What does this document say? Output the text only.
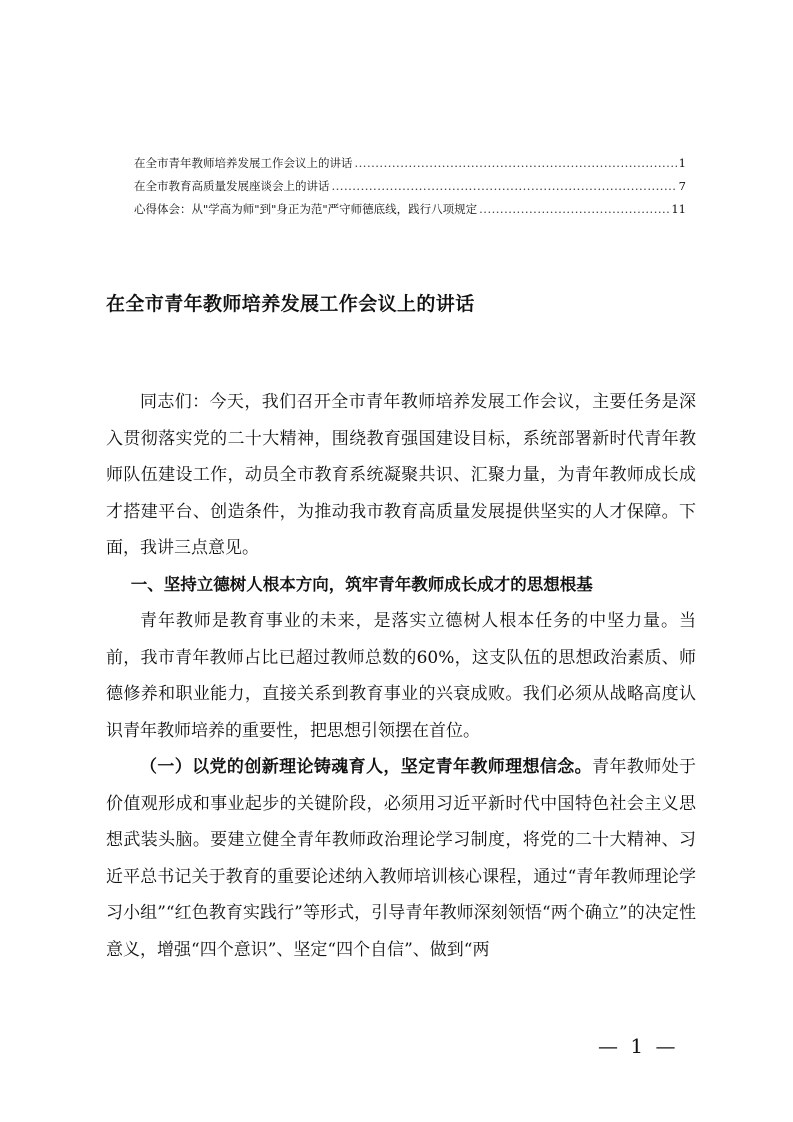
在全市青年教师培养发展工作会议上的讲话 .....	1
在全市教育高质量发展座谈会上的讲话 .....	7
心得体会：从"学高为师"到"身正为范"严守师德底线，践行八项规定 .....	11
在全市青年教师培养发展工作会议上的讲话

同志们：今天，我们召开全市青年教师培养发展工作会议，主要任务是深入贯彻落实党的二十大精神，围绕教育强国建设目标，系统部署新时代青年教师队伍建设工作，动员全市教育系统凝聚共识、汇聚力量，为青年教师成长成才搭建平台、创造条件，为推动我市教育高质量发展提供坚实的人才保障。下面，我讲三点意见。

一、坚持立德树人根本方向，筑牢青年教师成长成才的思想根基

青年教师是教育事业的未来，是落实立德树人根本任务的中坚力量。当前，我市青年教师占比已超过教师总数的60%，这支队伍的思想政治素质、师德修养和职业能力，直接关系到教育事业的兴衰成败。我们必须从战略高度认识青年教师培养的重要性，把思想引领摆在首位。

（一）以党的创新理论铸魂育人，坚定青年教师理想信念。青年教师处于价值观形成和事业起步的关键阶段，必须用习近平新时代中国特色社会主义思想武装头脑。要建立健全青年教师政治理论学习制度，将党的二十大精神、习近平总书记关于教育的重要论述纳入教师培训核心课程，通过“青年教师理论学习小组”“红色教育实践行”等形式，引导青年教师深刻领悟“两个确立”的决定性意义，增强“四个意识”、坚定“四个自信”、做到“两

— 1 —
